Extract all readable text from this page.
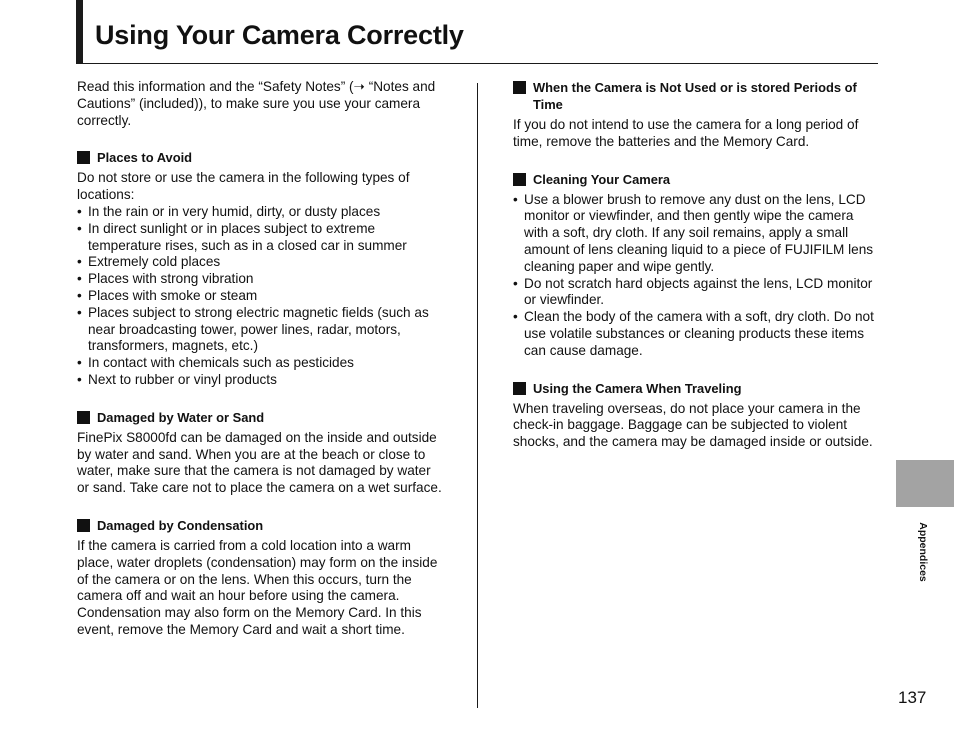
Using Your Camera Correctly

Read this information and the “Safety Notes” (➝ “Notes and Cautions” (included)), to make sure you use your camera correctly.

Places to Avoid

Do not store or use the camera in the following types of locations:

• In the rain or in very humid, dirty, or dusty places
• In direct sunlight or in places subject to extreme temperature rises, such as in a closed car in summer
• Extremely cold places
• Places with strong vibration
• Places with smoke or steam
• Places subject to strong electric magnetic fields (such as near broadcasting tower, power lines, radar, motors, transformers, magnets, etc.)
• In contact with chemicals such as pesticides
• Next to rubber or vinyl products
Damaged by Water or Sand

FinePix S8000fd can be damaged on the inside and outside by water and sand. When you are at the beach or close to water, make sure that the camera is not damaged by water or sand. Take care not to place the camera on a wet surface.

Damaged by Condensation

If the camera is carried from a cold location into a warm place, water droplets (condensation) may form on the inside of the camera or on the lens. When this occurs, turn the camera off and wait an hour before using the camera. Condensation may also form on the Memory Card. In this event, remove the Memory Card and wait a short time.

When the Camera is Not Used or is stored Periods of Time

If you do not intend to use the camera for a long period of time, remove the batteries and the Memory Card.

Cleaning Your Camera
• Use a blower brush to remove any dust on the lens, LCD monitor or viewfinder, and then gently wipe the camera with a soft, dry cloth. If any soil remains, apply a small amount of lens cleaning liquid to a piece of FUJIFILM lens cleaning paper and wipe gently.
• Do not scratch hard objects against the lens, LCD monitor or viewfinder.
• Clean the body of the camera with a soft, dry cloth. Do not use volatile substances or cleaning products these items can cause damage.
Using the Camera When Traveling

When traveling overseas, do not place your camera in the check-in baggage. Baggage can be subjected to violent shocks, and the camera may be damaged inside or outside.

Appendices
137
